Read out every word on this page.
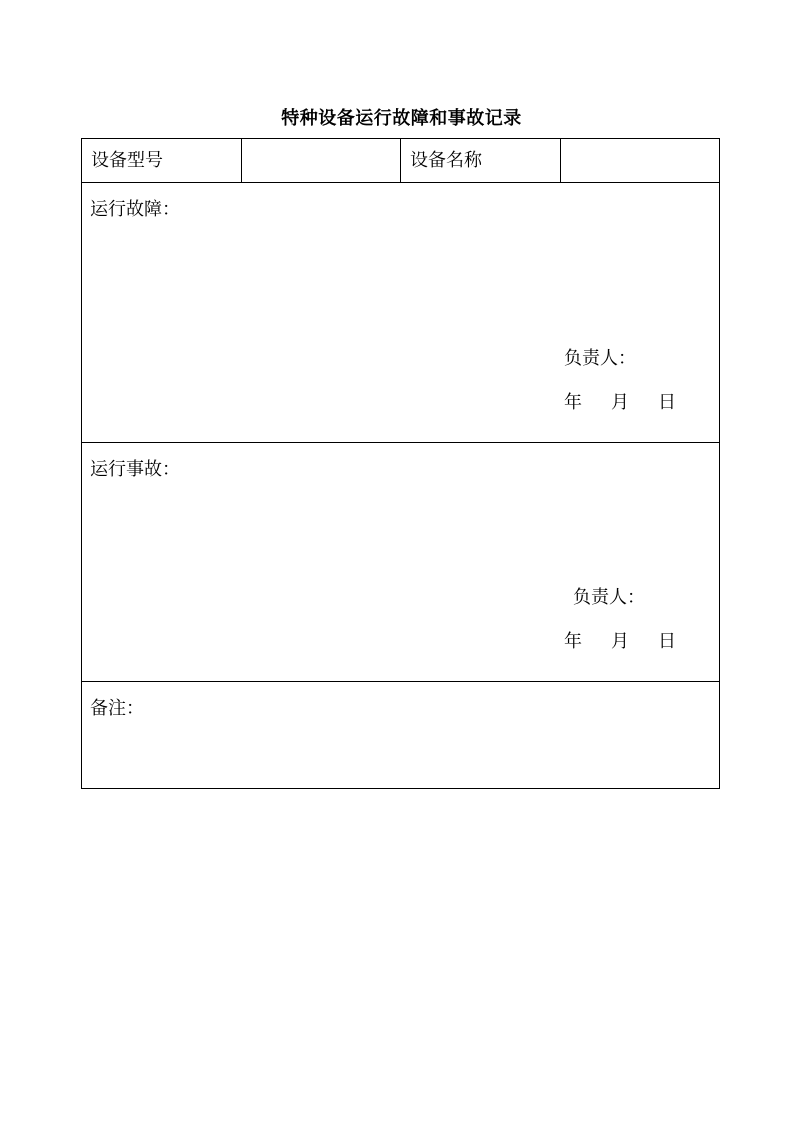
特种设备运行故障和事故记录
设备型号	设备名称
运行故障：
负责人：
年 月 日
运行事故：
负责人：
年 月 日
备注：
